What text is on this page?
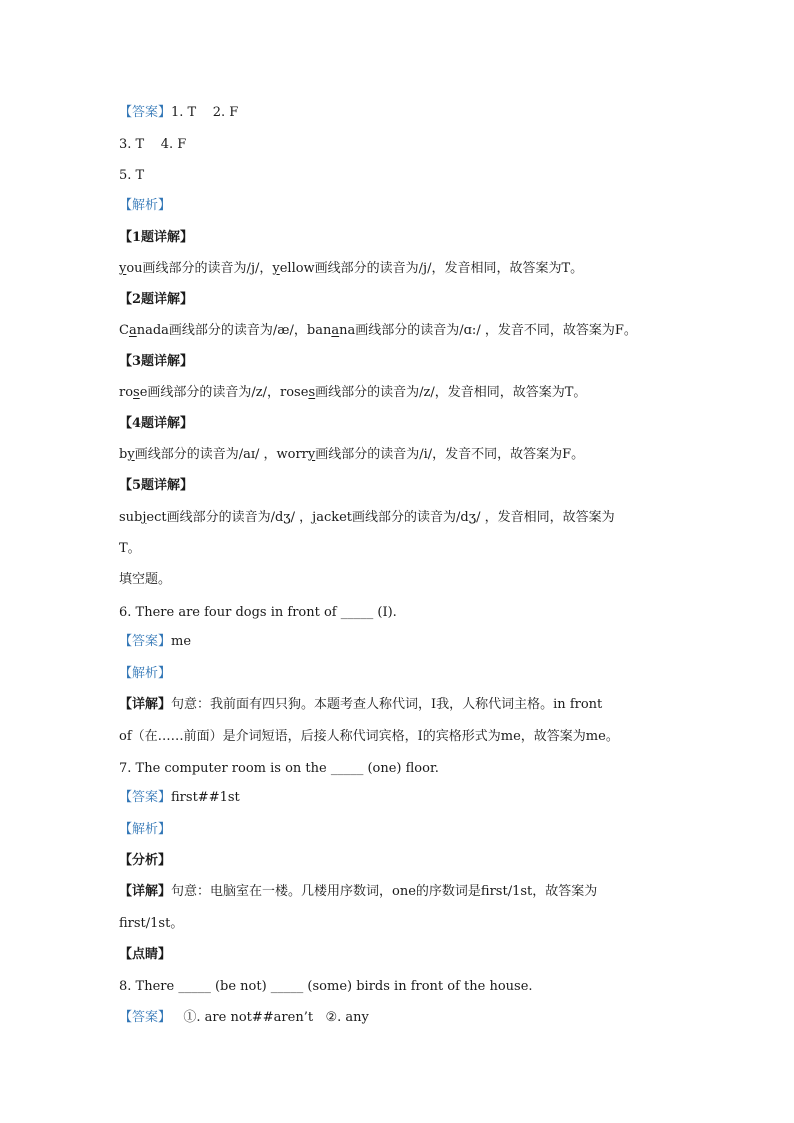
【答案】1. T    2. F
3. T    4. F
5. T
【解析】
【1题详解】
you画线部分的读音为/j/，yellow画线部分的读音为/j/，发音相同，故答案为T。
【2题详解】
Canada画线部分的读音为/æ/，banana画线部分的读音为/ɑ:/ ，发音不同，故答案为F。
【3题详解】
rose画线部分的读音为/z/，roses画线部分的读音为/z/，发音相同，故答案为T。
【4题详解】
by画线部分的读音为/aɪ/ ，worry画线部分的读音为/i/，发音不同，故答案为F。
【5题详解】
subject画线部分的读音为/dʒ/ ，jacket画线部分的读音为/dʒ/ ，发音相同，故答案为
T。
填空题。
6. There are four dogs in front of _____ (I).
【答案】me
【解析】
【详解】句意：我前面有四只狗。本题考查人称代词，I我，人称代词主格。in front
of（在……前面）是介词短语，后接人称代词宾格，I的宾格形式为me，故答案为me。
7. The computer room is on the _____ (one) floor.
【答案】first##1st
【解析】
【分析】
【详解】句意：电脑室在一楼。几楼用序数词，one的序数词是first/1st，故答案为
first/1st。
【点睛】
8. There _____ (be not) _____ (some) birds in front of the house.
【答案】   ①. are not##aren’t   ②. any
